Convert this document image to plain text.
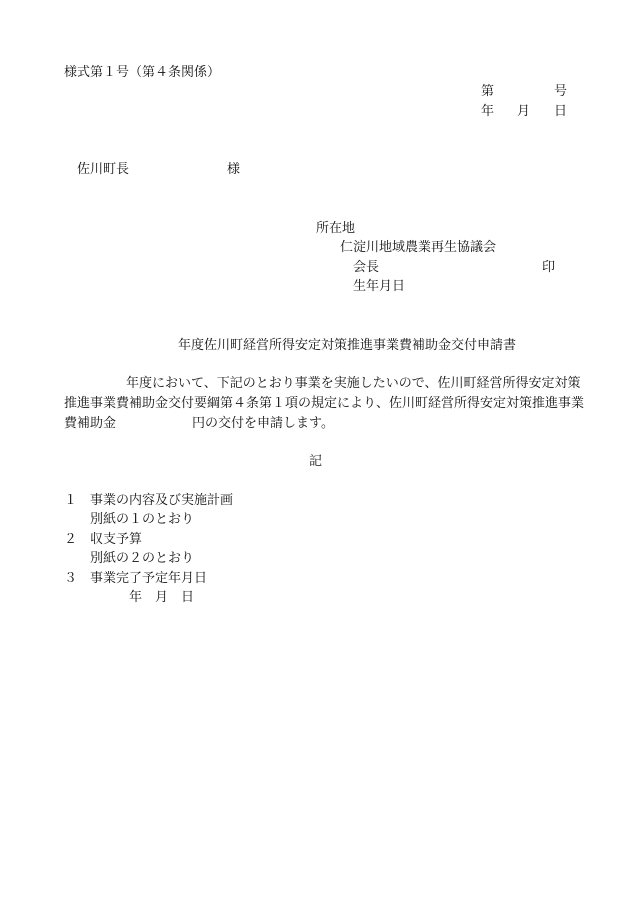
様式第１号（第４条関係）
第	号
年 月 日
佐川町長	様
所在地
仁淀川地域農業再生協議会
会長	印
生年月日
年度佐川町経営所得安定対策推進事業費補助金交付申請書
年度において、下記のとおり事業を実施したいので、佐川町経営所得安定対策
推進事業費補助金交付要綱第４条第１項の規定により、佐川町経営所得安定対策推進事業
費補助金	円の交付を申請します。
記
１ 事業の内容及び実施計画
別紙の１のとおり
２ 収支予算
別紙の２のとおり
３ 事業完了予定年月日
年　月　日
